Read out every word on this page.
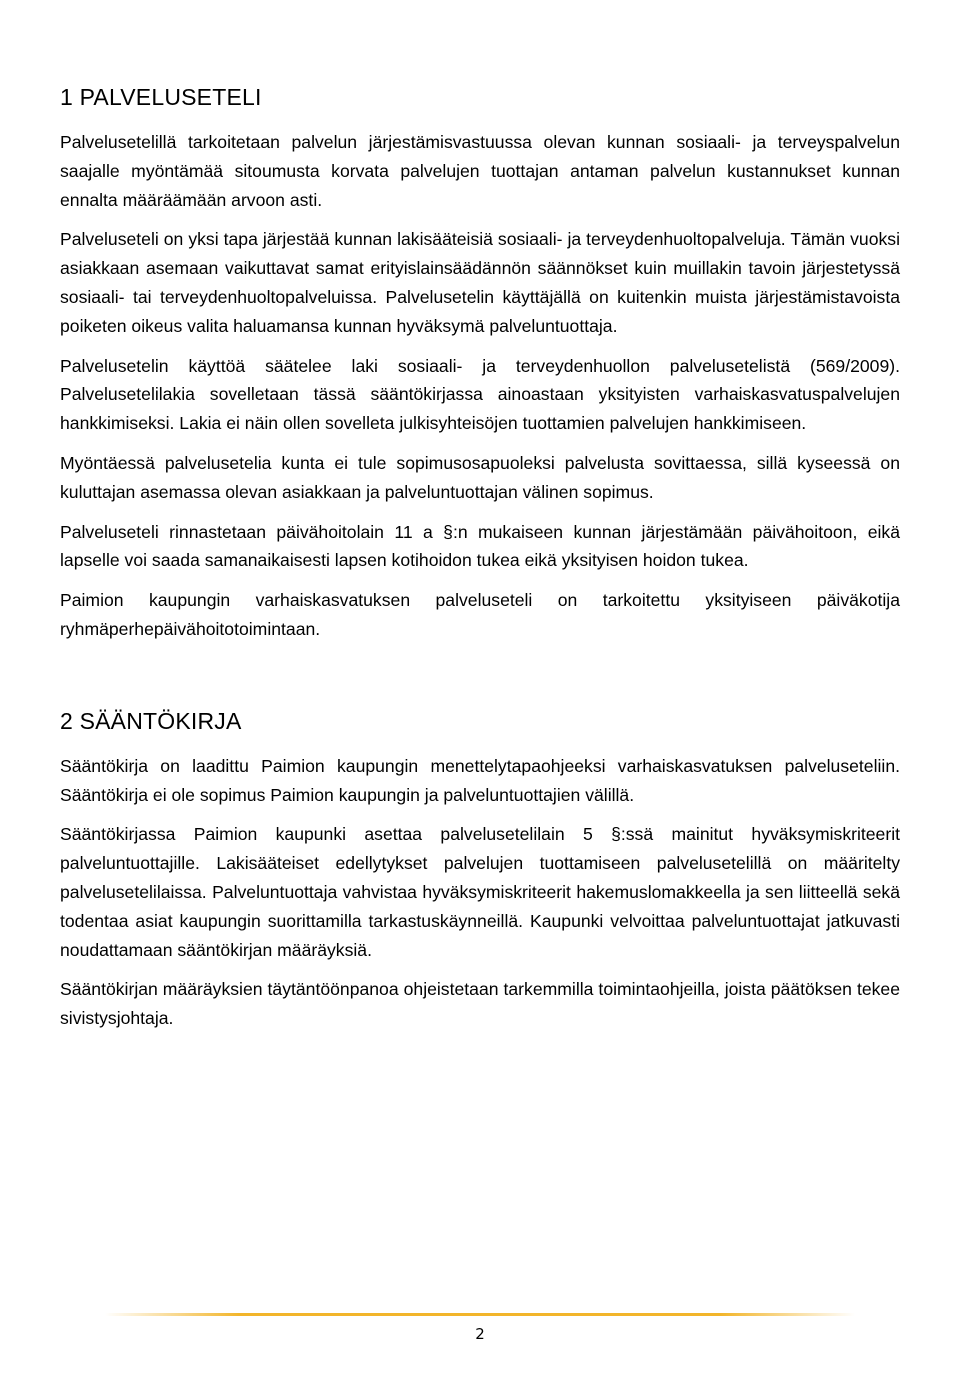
1 PALVELUSETELI

Palvelusetelillä tarkoitetaan palvelun järjestämisvastuussa olevan kunnan sosiaali- ja terveyspalvelun saajalle myöntämää sitoumusta korvata palvelujen tuottajan antaman palvelun kustannukset kunnan ennalta määräämään arvoon asti.

Palveluseteli on yksi tapa järjestää kunnan lakisääteisiä sosiaali- ja terveydenhuoltopalveluja. Tämän vuoksi asiakkaan asemaan vaikuttavat samat erityislainsäädännön säännökset kuin muillakin tavoin järjestetyssä sosiaali- tai terveydenhuoltopalveluissa. Palvelusetelin käyttäjällä on kuitenkin muista järjestämistavoista poiketen oikeus valita haluamansa kunnan hyväksymä palveluntuottaja.

Palvelusetelin käyttöä säätelee laki sosiaali- ja terveydenhuollon palvelusetelistä (569/2009). Palvelusetelilakia sovelletaan tässä sääntökirjassa ainoastaan yksityisten varhaiskasvatuspalvelujen hankkimiseksi. Lakia ei näin ollen sovelleta julkisyhteisöjen tuottamien palvelujen hankkimiseen.

Myöntäessä palvelusetelia kunta ei tule sopimusosapuoleksi palvelusta sovittaessa, sillä kyseessä on kuluttajan asemassa olevan asiakkaan ja palveluntuottajan välinen sopimus.

Palveluseteli rinnastetaan päivähoitolain 11 a §:n mukaiseen kunnan järjestämään päivähoitoon, eikä lapselle voi saada samanaikaisesti lapsen kotihoidon tukea eikä yksityisen hoidon tukea.

Paimion kaupungin varhaiskasvatuksen palveluseteli on tarkoitettu yksityiseen päiväkotija ryhmäperhepäivähoitotoimintaan.

2 SÄÄNTÖKIRJA

Sääntökirja on laadittu Paimion kaupungin menettelytapaohjeeksi varhaiskasvatuksen palveluseteliin. Sääntökirja ei ole sopimus Paimion kaupungin ja palveluntuottajien välillä.

Sääntökirjassa Paimion kaupunki asettaa palvelusetelilain 5 §:ssä mainitut hyväksymiskriteerit palveluntuottajille. Lakisääteiset edellytykset palvelujen tuottamiseen palvelusetelillä on määritelty palvelusetelilaissa. Palveluntuottaja vahvistaa hyväksymiskriteerit hakemuslomakkeella ja sen liitteellä sekä todentaa asiat kaupungin suorittamilla tarkastuskäynneillä. Kaupunki velvoittaa palveluntuottajat jatkuvasti noudattamaan sääntökirjan määräyksiä.

Sääntökirjan määräyksien täytäntöönpanoa ohjeistetaan tarkemmilla toimintaohjeilla, joista päätöksen tekee sivistysjohtaja.

2
